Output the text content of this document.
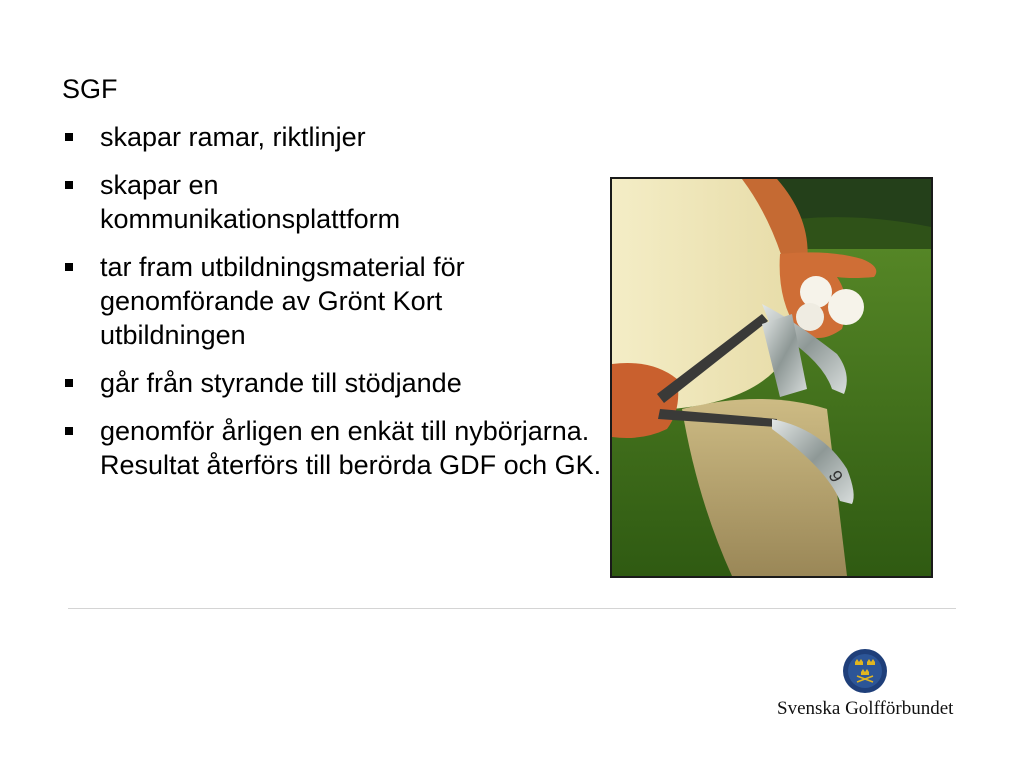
SGF
skapar ramar, riktlinjer
skapar en kommunikationsplattform
tar fram utbildningsmaterial för genomförande av Grönt Kort utbildningen
går från styrande till stödjande
genomför årligen en enkät till nybörjarna. Resultat återförs till berörda GDF och GK.	9
Svenska Golfförbundet
